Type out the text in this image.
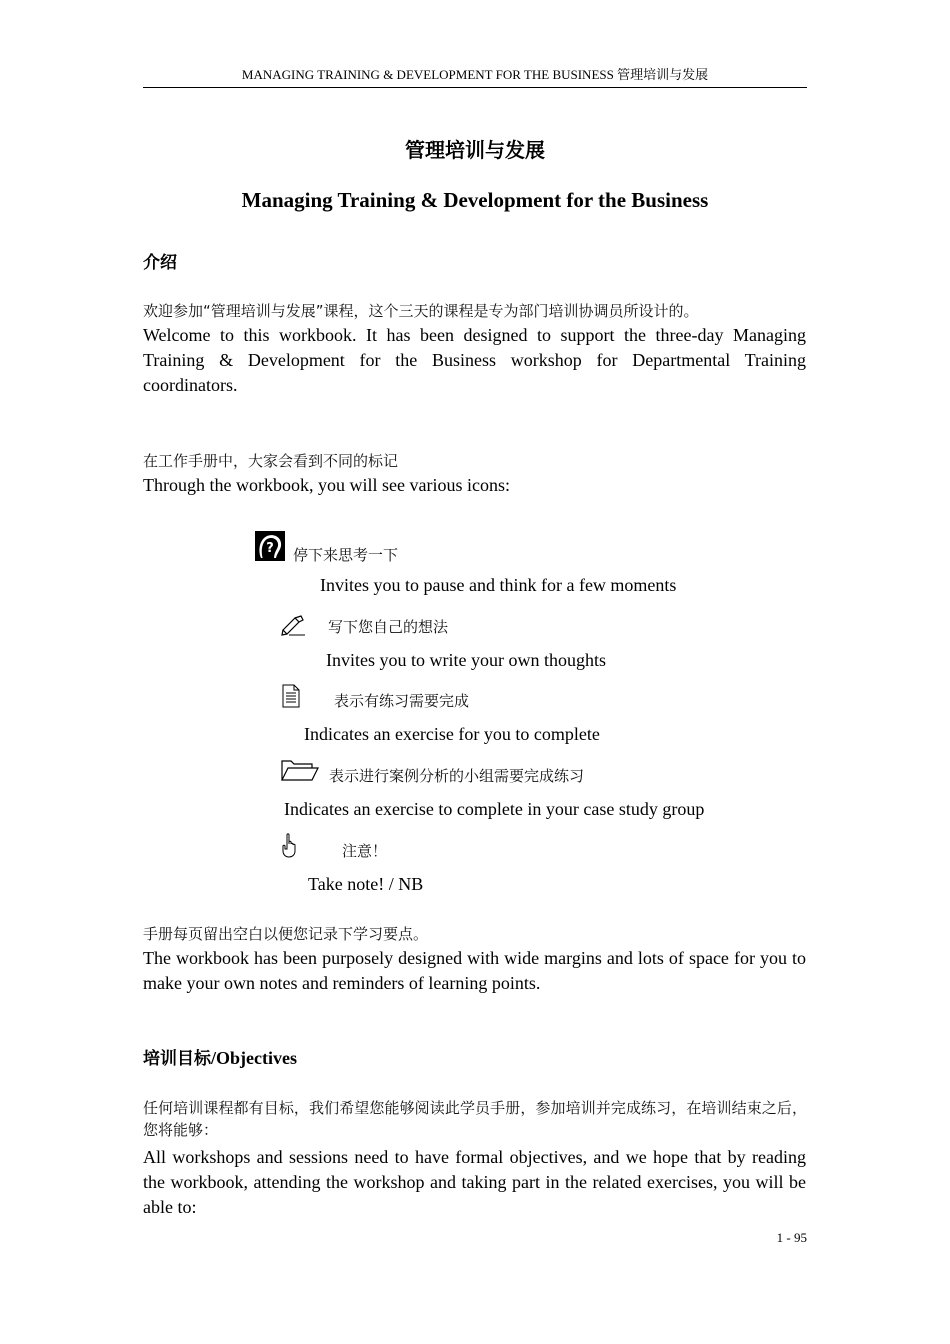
MANAGING TRAINING & DEVELOPMENT FOR THE BUSINESS 管理培训与发展
管理培训与发展
Managing Training & Development for the Business
介绍
欢迎参加“管理培训与发展”课程，这个三天的课程是专为部门培训协调员所设计的。
Welcome to this workbook. It has been designed to support the three-day Managing Training & Development for the Business workshop for Departmental Training coordinators.
在工作手册中，大家会看到不同的标记
Through the workbook, you will see various icons:
? 停下来思考一下
Invites you to pause and think for a few moments
写下您自己的想法
Invites you to write your own thoughts
表示有练习需要完成
Indicates an exercise for you to complete
表示进行案例分析的小组需要完成练习
Indicates an exercise to complete in your case study group
注意！
Take note! / NB
手册每页留出空白以便您记录下学习要点。
The workbook has been purposely designed with wide margins and lots of space for you to make your own notes and reminders of learning points.
培训目标/Objectives
任何培训课程都有目标，我们希望您能够阅读此学员手册，参加培训并完成练习，在培训结束之后，您将能够：
All workshops and sessions need to have formal objectives, and we hope that by reading the workbook, attending the workshop and taking part in the related exercises, you will be able to:
1 - 95
